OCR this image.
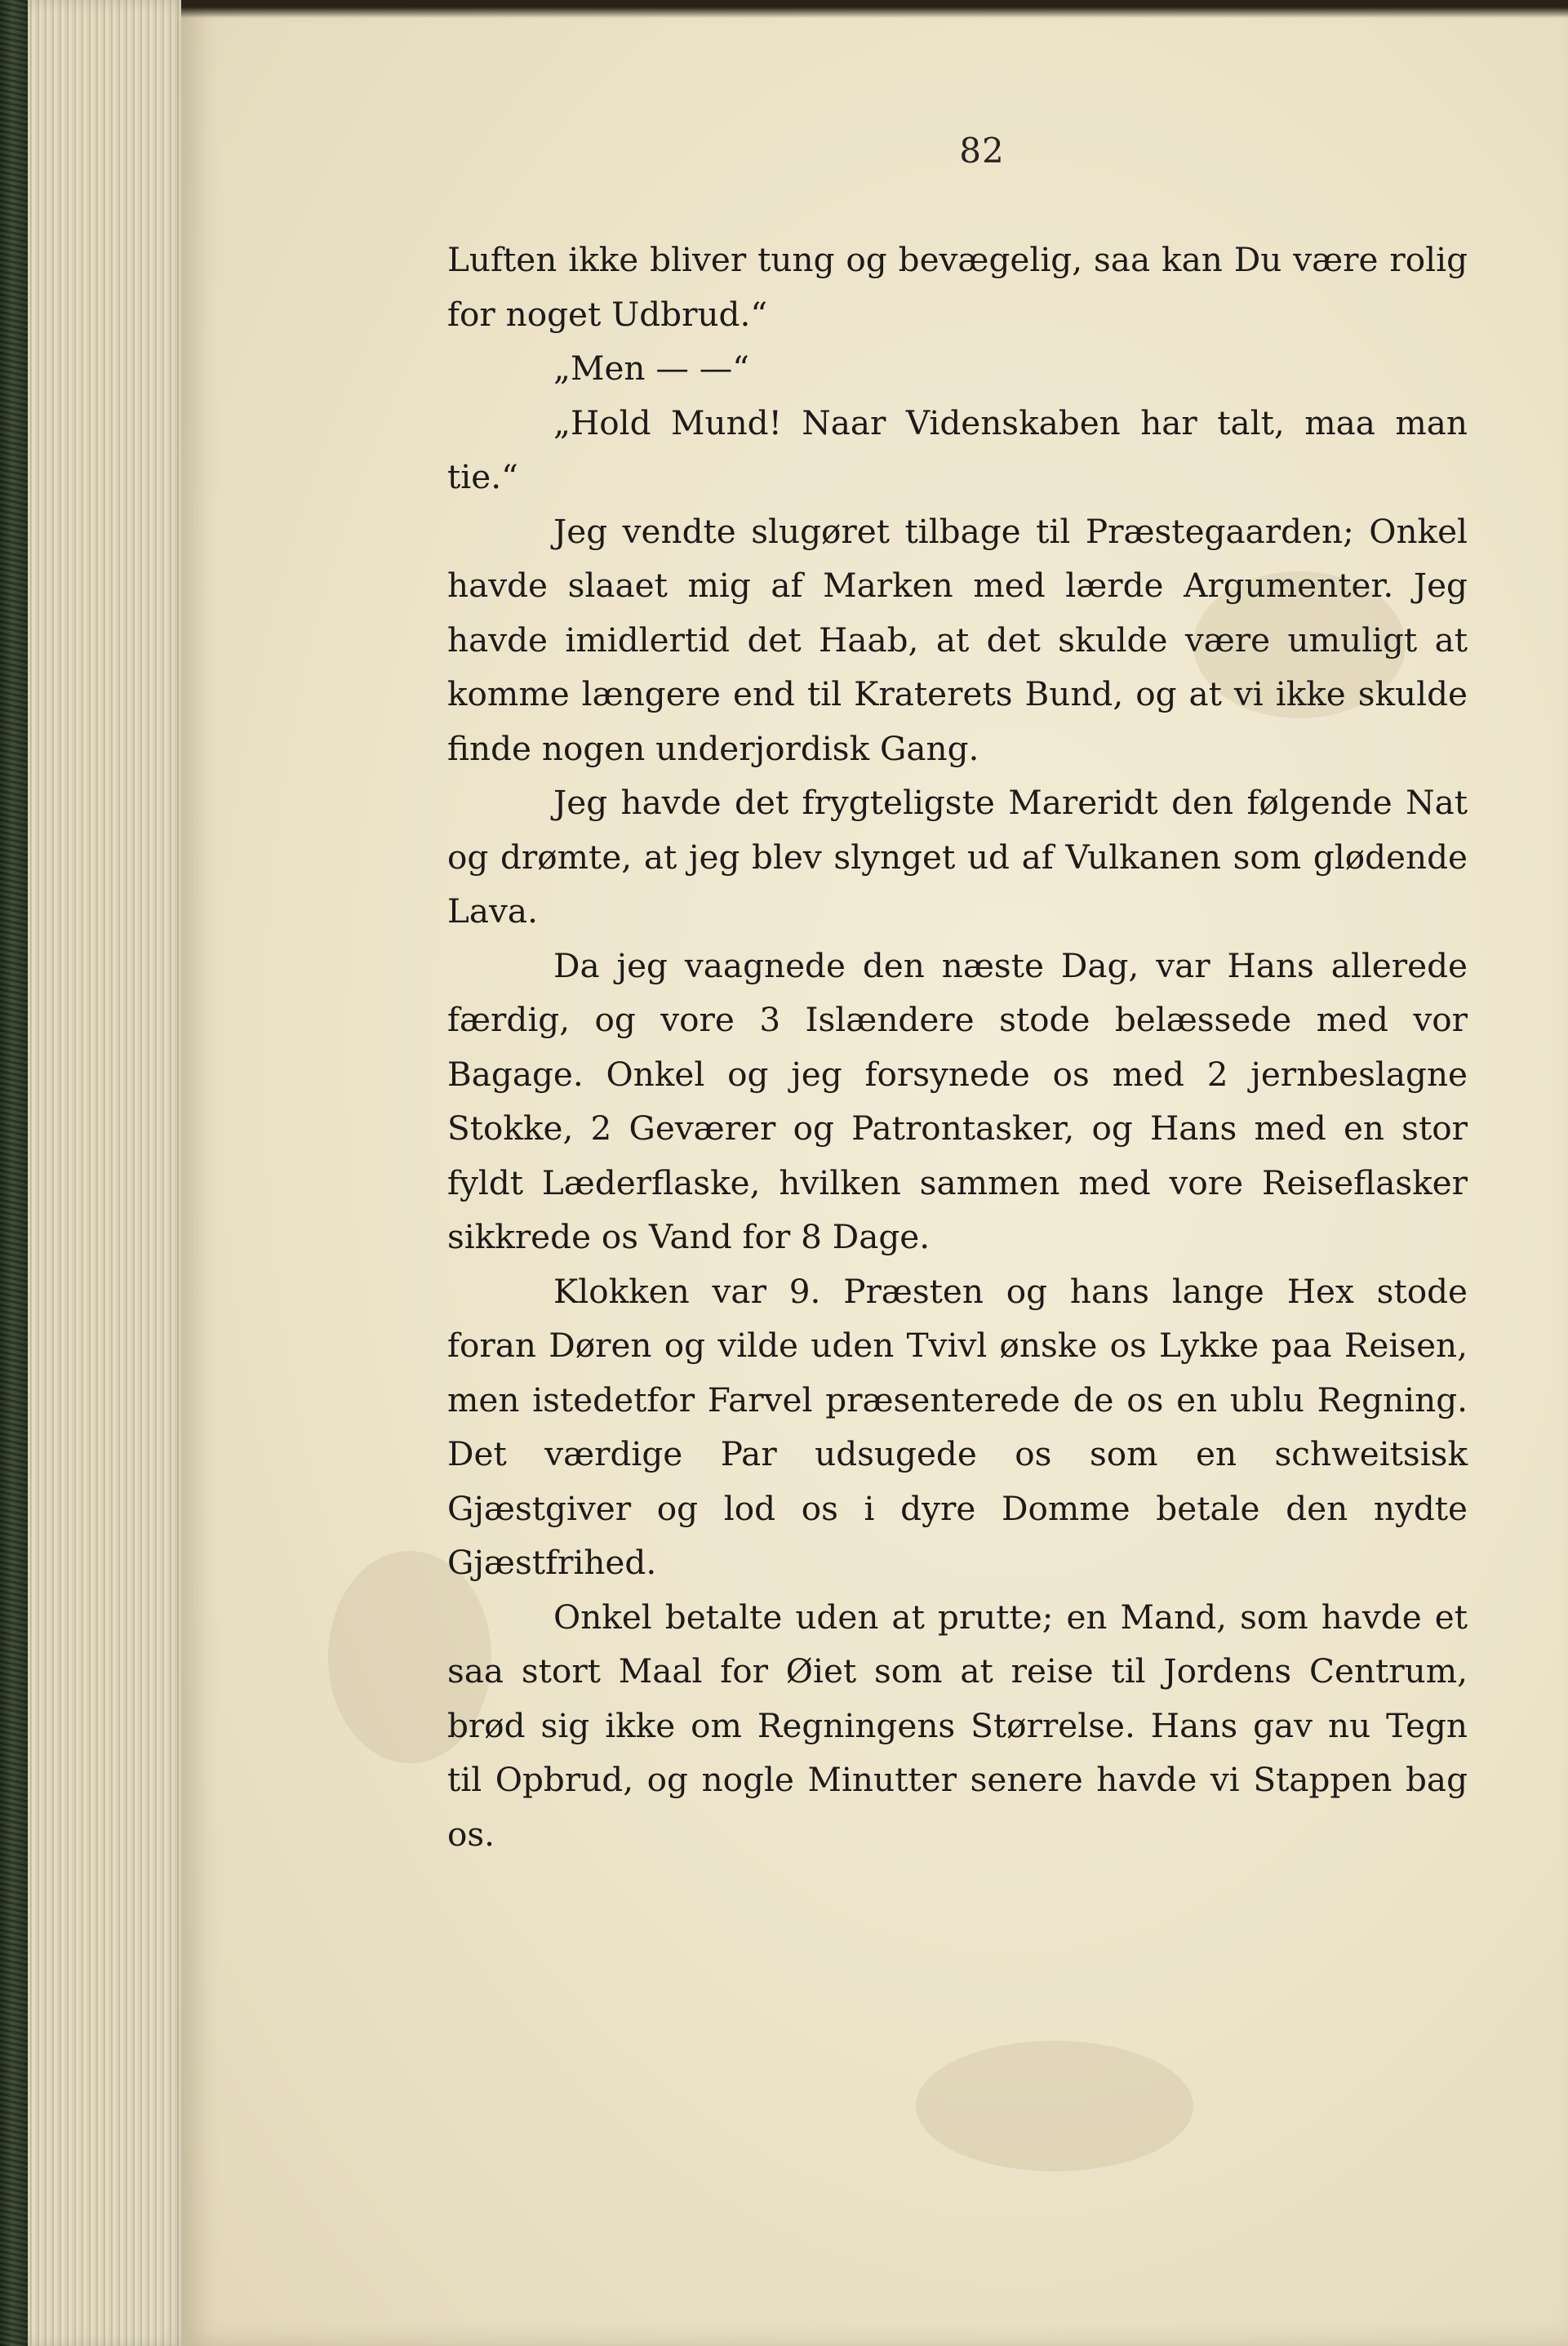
82

Luften ikke bliver tung og bevægelig, saa kan Du være rolig for noget Udbrud.“

„Men — —“

„Hold Mund! Naar Videnskaben har talt, maa man tie.“

Jeg vendte slugøret tilbage til Præstegaarden; Onkel havde slaaet mig af Marken med lærde Argumenter. Jeg havde imidlertid det Haab, at det skulde være umuligt at komme længere end til Kraterets Bund, og at vi ikke skulde finde nogen underjordisk Gang.

Jeg havde det frygteligste Mareridt den følgende Nat og drømte, at jeg blev slynget ud af Vulkanen som glødende Lava.

Da jeg vaagnede den næste Dag, var Hans allerede færdig, og vore 3 Islændere stode belæssede med vor Bagage. Onkel og jeg forsynede os med 2 jernbeslagne Stokke, 2 Geværer og Patrontasker, og Hans med en stor fyldt Læderflaske, hvilken sammen med vore Reiseflasker sikkrede os Vand for 8 Dage.

Klokken var 9. Præsten og hans lange Hex stode foran Døren og vilde uden Tvivl ønske os Lykke paa Reisen, men istedetfor Farvel præsenterede de os en ublu Regning. Det værdige Par udsugede os som en schweitsisk Gjæstgiver og lod os i dyre Domme betale den nydte Gjæstfrihed.

Onkel betalte uden at prutte; en Mand, som havde et saa stort Maal for Øiet som at reise til Jordens Centrum, brød sig ikke om Regningens Størrelse. Hans gav nu Tegn til Opbrud, og nogle Minutter senere havde vi Stappen bag os.
